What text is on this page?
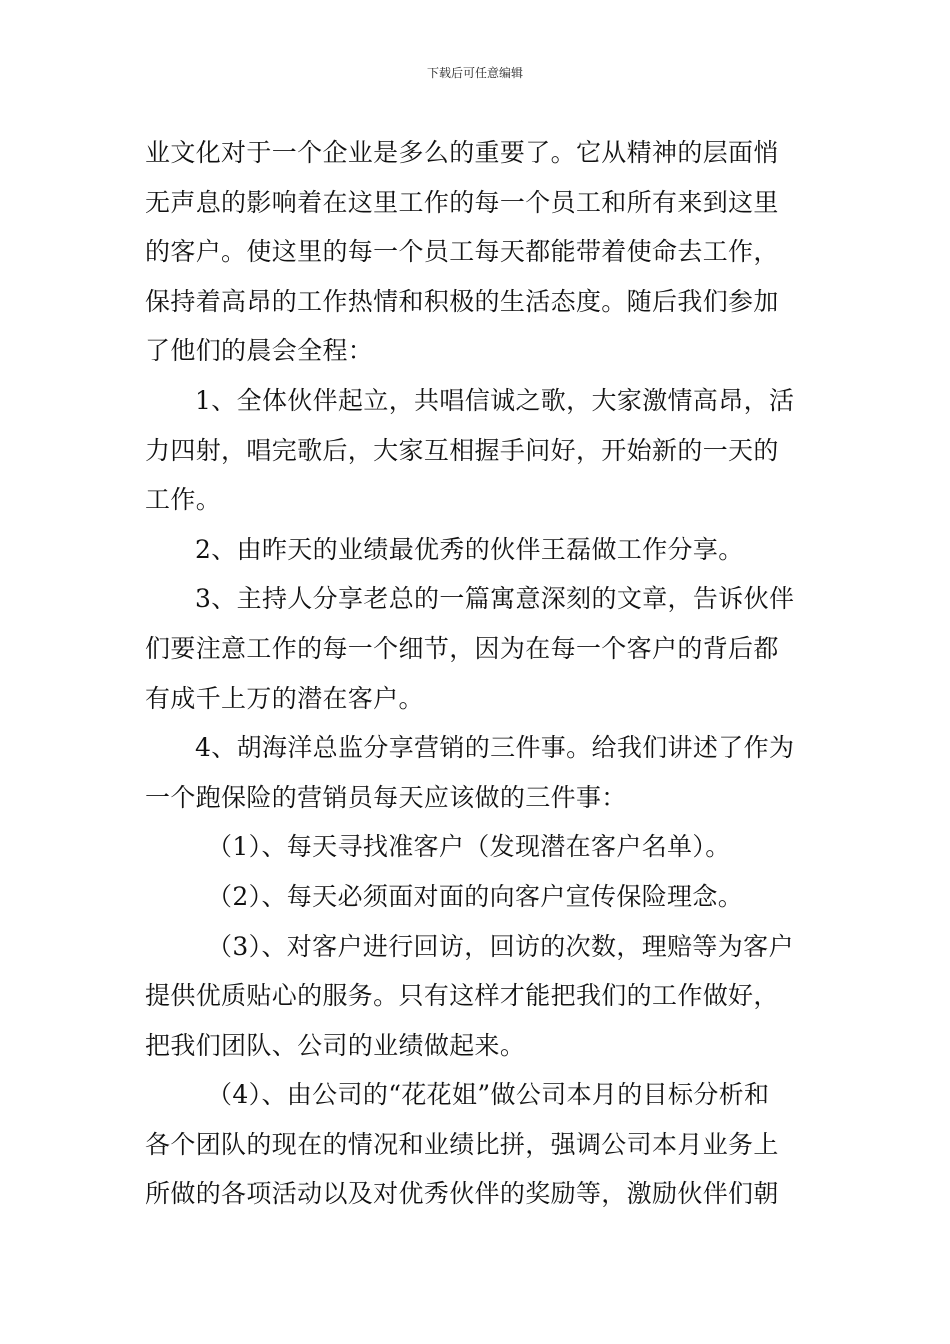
下载后可任意编辑
业文化对于一个企业是多么的重要了。它从精神的层面悄
无声息的影响着在这里工作的每一个员工和所有来到这里
的客户。使这里的每一个员工每天都能带着使命去工作，
保持着高昂的工作热情和积极的生活态度。随后我们参加
了他们的晨会全程：
1、全体伙伴起立，共唱信诚之歌，大家激情高昂，活
力四射，唱完歌后，大家互相握手问好，开始新的一天的
工作。
2、由昨天的业绩最优秀的伙伴王磊做工作分享。
3、主持人分享老总的一篇寓意深刻的文章，告诉伙伴
们要注意工作的每一个细节，因为在每一个客户的背后都
有成千上万的潜在客户。
4、胡海洋总监分享营销的三件事。给我们讲述了作为
一个跑保险的营销员每天应该做的三件事：
（1）、每天寻找准客户（发现潜在客户名单）。
（2）、每天必须面对面的向客户宣传保险理念。
（3）、对客户进行回访，回访的次数，理赔等为客户
提供优质贴心的服务。只有这样才能把我们的工作做好，
把我们团队、公司的业绩做起来。
（4）、由公司的“花花姐”做公司本月的目标分析和
各个团队的现在的情况和业绩比拼，强调公司本月业务上
所做的各项活动以及对优秀伙伴的奖励等，激励伙伴们朝
